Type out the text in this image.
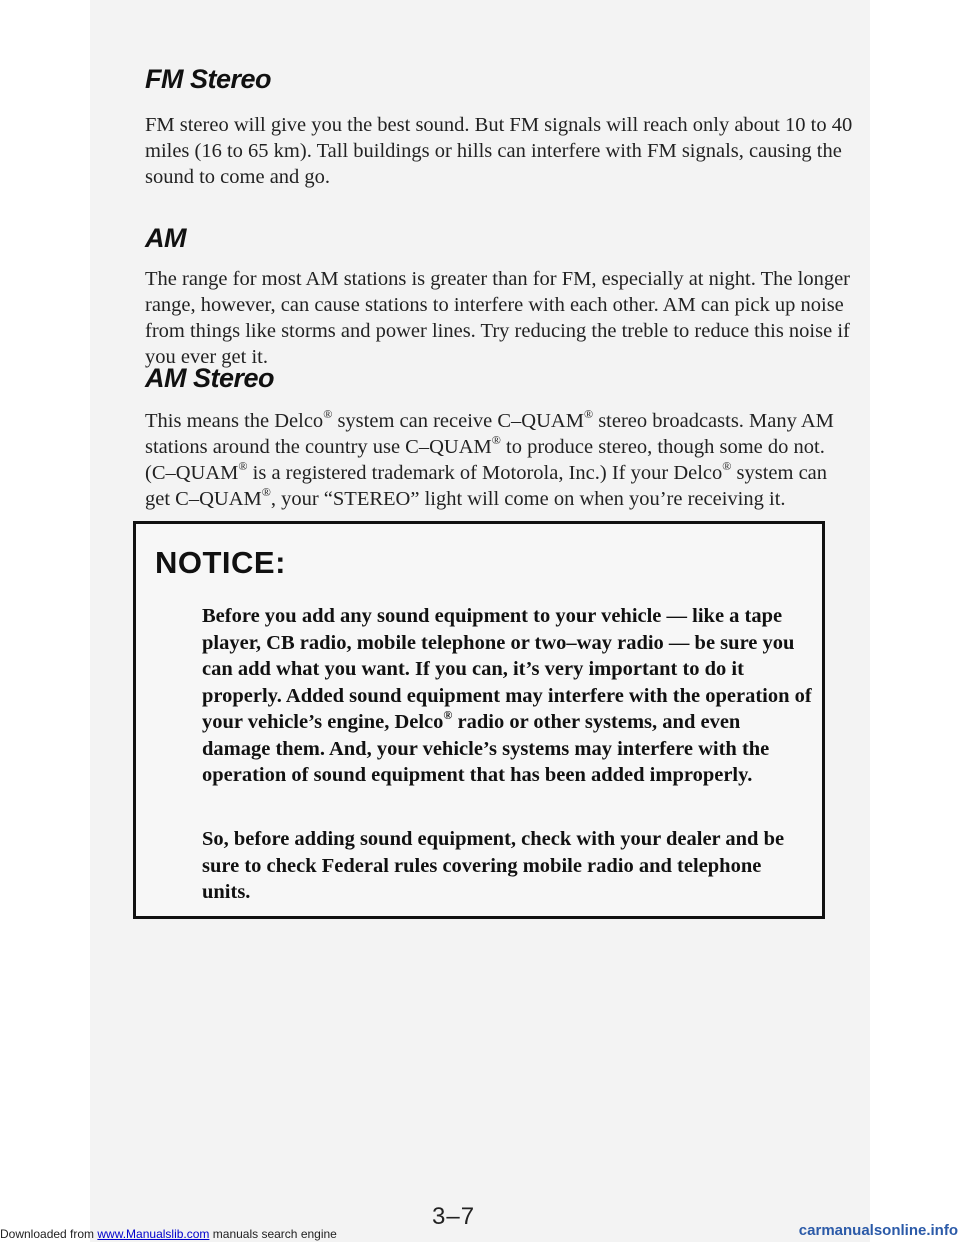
FM Stereo

FM stereo will give you the best sound. But FM signals will reach only about 10 to 40 miles (16 to 65 km). Tall buildings or hills can interfere with FM signals, causing the sound to come and go.

AM

The range for most AM stations is greater than for FM, especially at night. The longer range, however, can cause stations to interfere with each other. AM can pick up noise from things like storms and power lines. Try reducing the treble to reduce this noise if you ever get it.

AM Stereo

This means the Delco® system can receive C–QUAM® stereo broadcasts. Many AM stations around the country use C–QUAM® to produce stereo, though some do not. (C–QUAM® is a registered trademark of Motorola, Inc.) If your Delco® system can get C–QUAM®, your “STEREO” light will come on when you’re receiving it.

NOTICE:

Before you add any sound equipment to your vehicle — like a tape player, CB radio, mobile telephone or two–way radio — be sure you can add what you want. If you can, it’s very important to do it properly. Added sound equipment may interfere with the operation of your vehicle’s engine, Delco® radio or other systems, and even damage them. And, your vehicle’s systems may interfere with the operation of sound equipment that has been added improperly.

So, before adding sound equipment, check with your dealer and be sure to check Federal rules covering mobile radio and telephone units.

3–7
Downloaded from www.Manualslib.com manuals search engine	carmanualsonline.info
